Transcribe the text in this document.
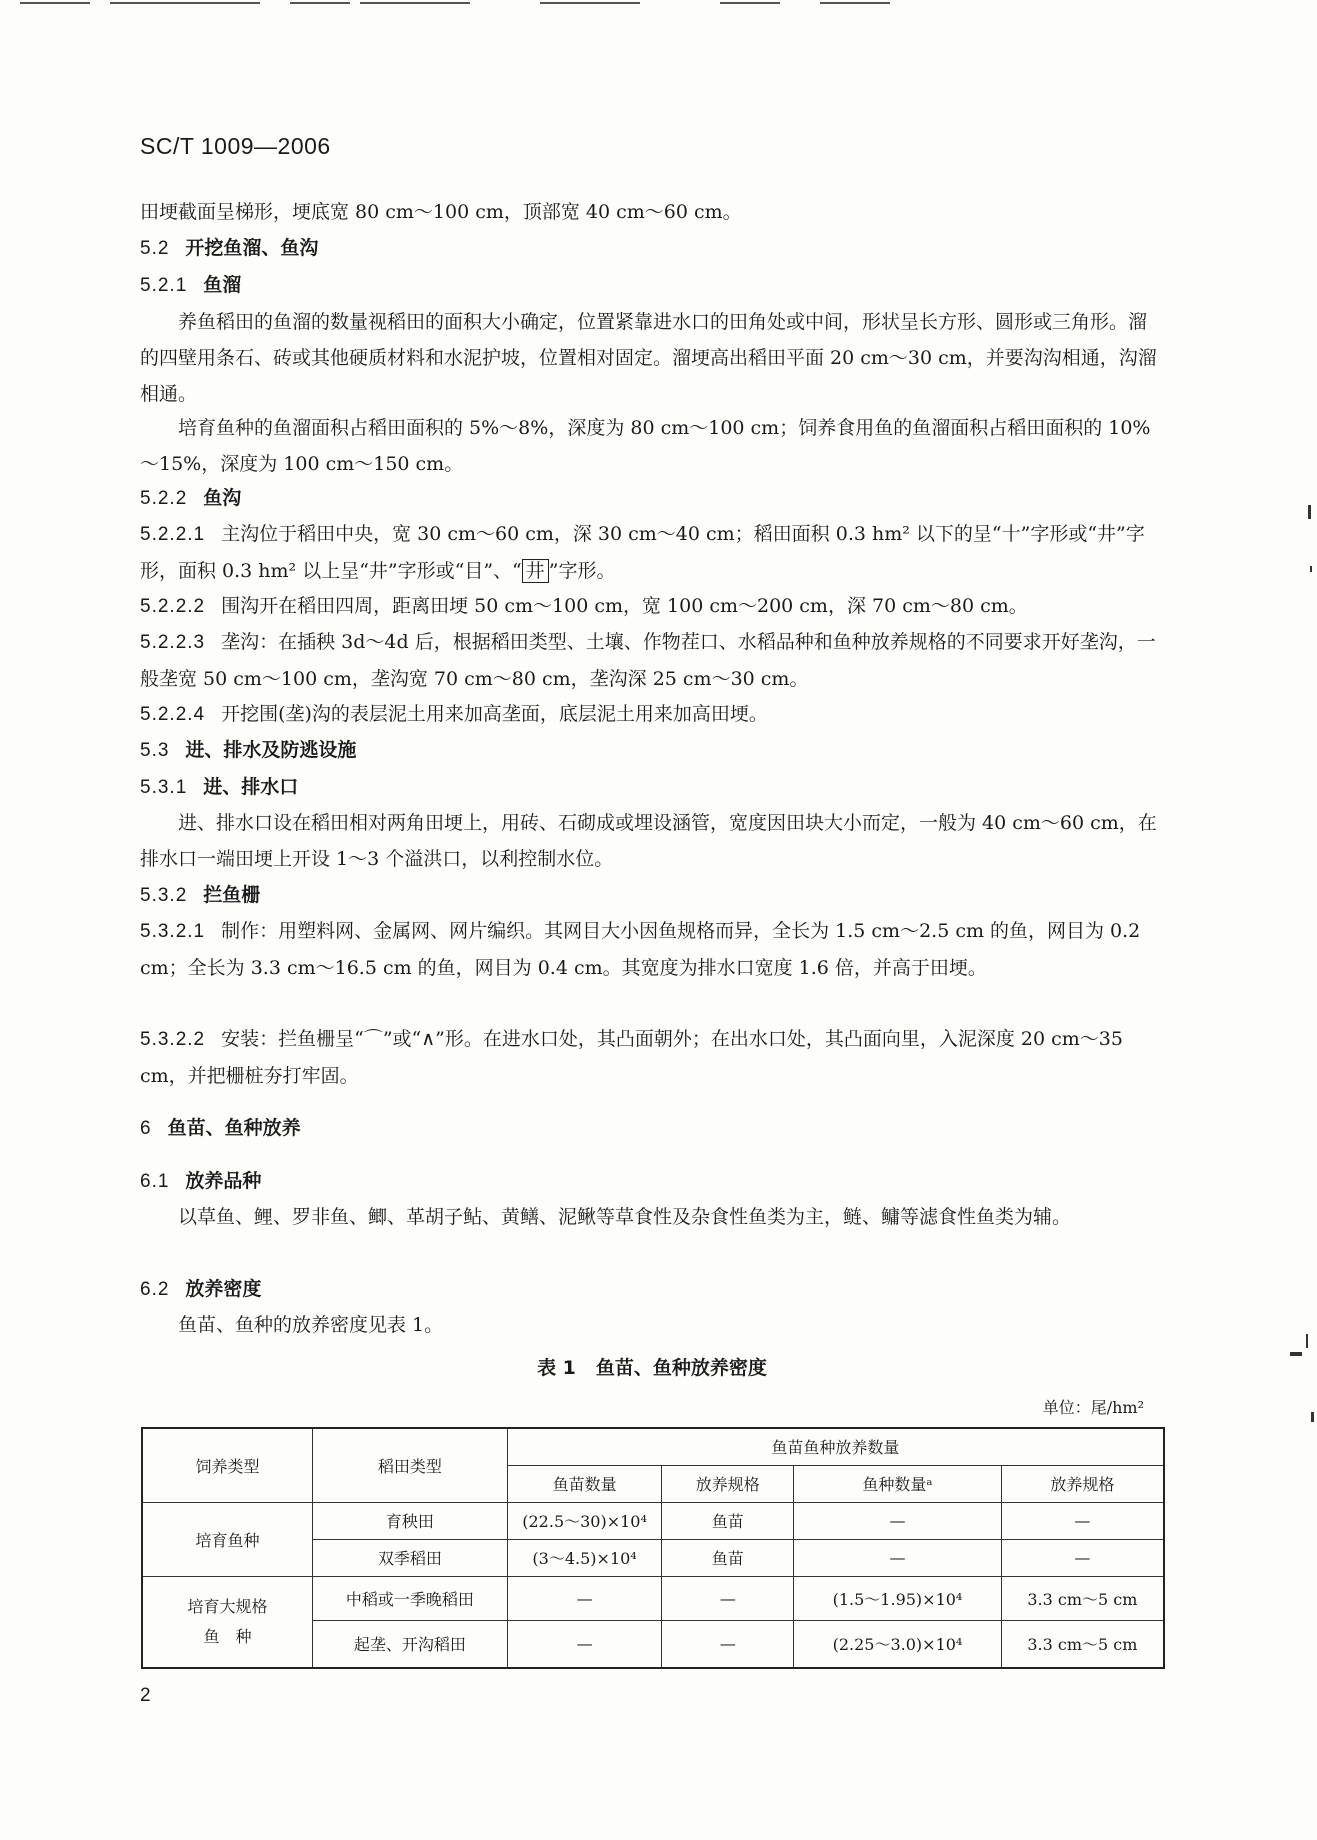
SC/T 1009—2006

田埂截面呈梯形，埂底宽 80 cm～100 cm，顶部宽 40 cm～60 cm。

5.2 开挖鱼溜、鱼沟
5.2.1 鱼溜

养鱼稻田的鱼溜的数量视稻田的面积大小确定，位置紧靠进水口的田角处或中间，形状呈长方形、圆形或三角形。溜的四壁用条石、砖或其他硬质材料和水泥护坡，位置相对固定。溜埂高出稻田平面 20 cm～30 cm，并要沟沟相通，沟溜相通。

培育鱼种的鱼溜面积占稻田面积的 5%～8%，深度为 80 cm～100 cm；饲养食用鱼的鱼溜面积占稻田面积的 10%～15%，深度为 100 cm～150 cm。

5.2.2 鱼沟

5.2.2.1 主沟位于稻田中央，宽 30 cm～60 cm，深 30 cm～40 cm；稻田面积 0.3 hm² 以下的呈“十”字形或“井”字形，面积 0.3 hm² 以上呈“井”字形或“目”、“ 井 ”字形。

5.2.2.2 围沟开在稻田四周，距离田埂 50 cm～100 cm，宽 100 cm～200 cm，深 70 cm～80 cm。

5.2.2.3 垄沟：在插秧 3d～4d 后，根据稻田类型、土壤、作物茬口、水稻品种和鱼种放养规格的不同要求开好垄沟，一般垄宽 50 cm～100 cm，垄沟宽 70 cm～80 cm，垄沟深 25 cm～30 cm。

5.2.2.4 开挖围(垄)沟的表层泥土用来加高垄面，底层泥土用来加高田埂。

5.3 进、排水及防逃设施
5.3.1 进、排水口

进、排水口设在稻田相对两角田埂上，用砖、石砌成或埋设涵管，宽度因田块大小而定，一般为 40 cm～60 cm，在排水口一端田埂上开设 1～3 个溢洪口，以利控制水位。

5.3.2 拦鱼栅

5.3.2.1 制作：用塑料网、金属网、网片编织。其网目大小因鱼规格而异，全长为 1.5 cm～2.5 cm 的鱼，网目为 0.2 cm；全长为 3.3 cm～16.5 cm 的鱼，网目为 0.4 cm。其宽度为排水口宽度 1.6 倍，并高于田埂。

5.3.2.2 安装：拦鱼栅呈“⌒”或“∧”形。在进水口处，其凸面朝外；在出水口处，其凸面向里，入泥深度 20 cm～35 cm，并把栅桩夯打牢固。

6 鱼苗、鱼种放养
6.1 放养品种

以草鱼、鲤、罗非鱼、鲫、革胡子鲇、黄鳝、泥鳅等草食性及杂食性鱼类为主，鲢、鳙等滤食性鱼类为辅。

6.2 放养密度

鱼苗、鱼种的放养密度见表 1。

表 1 鱼苗、鱼种放养密度
单位：尾/hm²
饲养类型	稻田类型	鱼苗鱼种放养数量			
		鱼苗数量	放养规格	鱼种数量ᵃ	放养规格
培育鱼种	育秧田	(22.5～30)×10⁴	鱼苗	—	—
	双季稻田	(3～4.5)×10⁴	鱼苗	—	—

培育大规格
鱼　种	中稻或一季晚稻田	—	—	(1.5～1.95)×10⁴	3.3 cm～5 cm
	起垄、开沟稻田	—	—	(2.25～3.0)×10⁴	3.3 cm～5 cm
2
